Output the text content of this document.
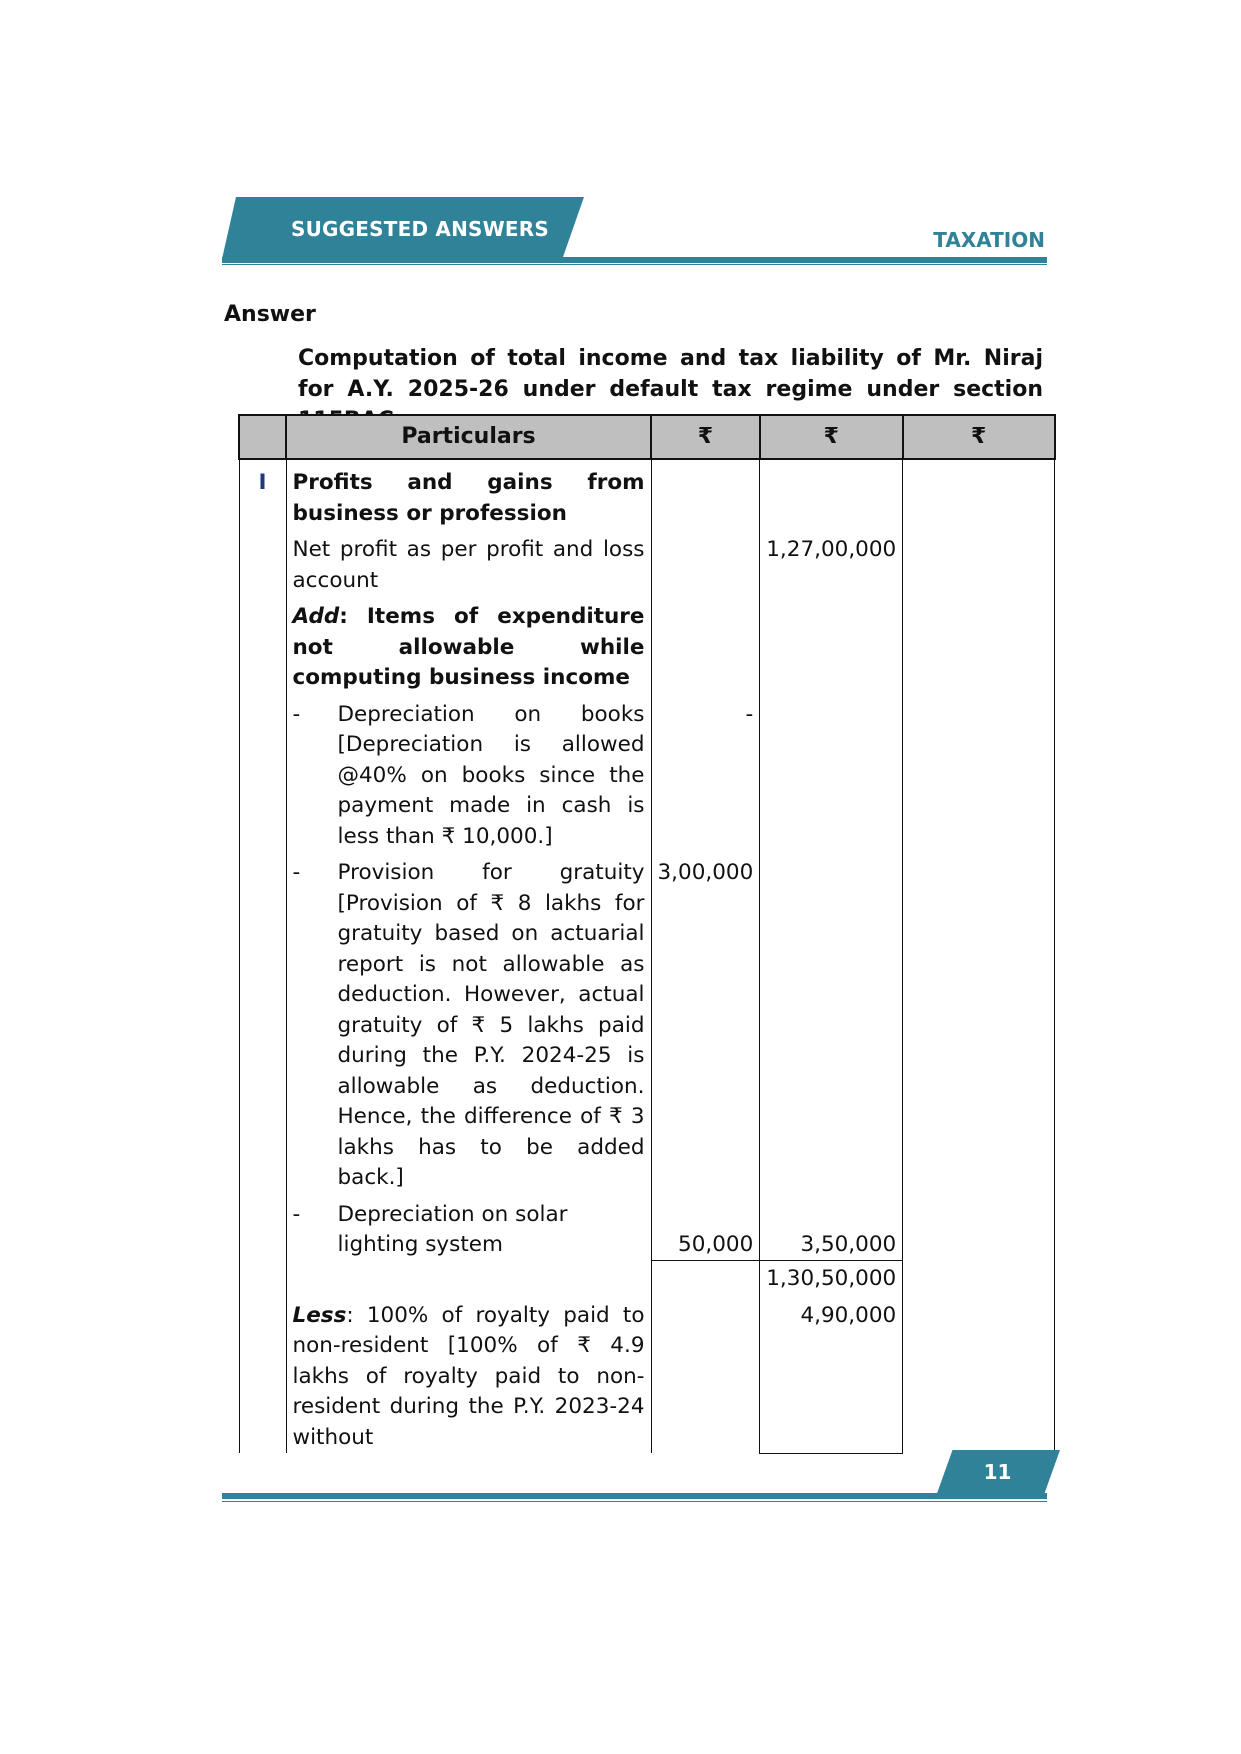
SUGGESTED ANSWERS	TAXATION
Answer
Computation of total income and tax liability of Mr. Niraj for A.Y. 2025-26 under default tax regime under section
	Particulars	₹	₹	₹
I	Profits and gains from business or profession			
	Net profit as per profit and loss account		1,27,00,000	
	Add: Items of expenditure not allowable while computing business income			

	- Depreciation on books [Depreciation is allowed @40% on books since the payment made in cash is less than ₹ 10,000.]	-		

	- Provision for gratuity [Provision of ₹ 8 lakhs for gratuity based on actuarial report is not allowable as deduction. However, actual gratuity of ₹ 5 lakhs paid during the P.Y. 2024-25 is allowable as deduction. Hence, the difference of ₹ 3 lakhs has to be added back.]	3,00,000		

	- Depreciation on solar lighting system	50,000	3,50,000	
			1,30,50,000	
	Less: 100% of royalty paid to non-resident [100% of ₹ 4.9 lakhs of royalty paid to non-resident during the P.Y. 2023-24 without		4,90,000	
11
